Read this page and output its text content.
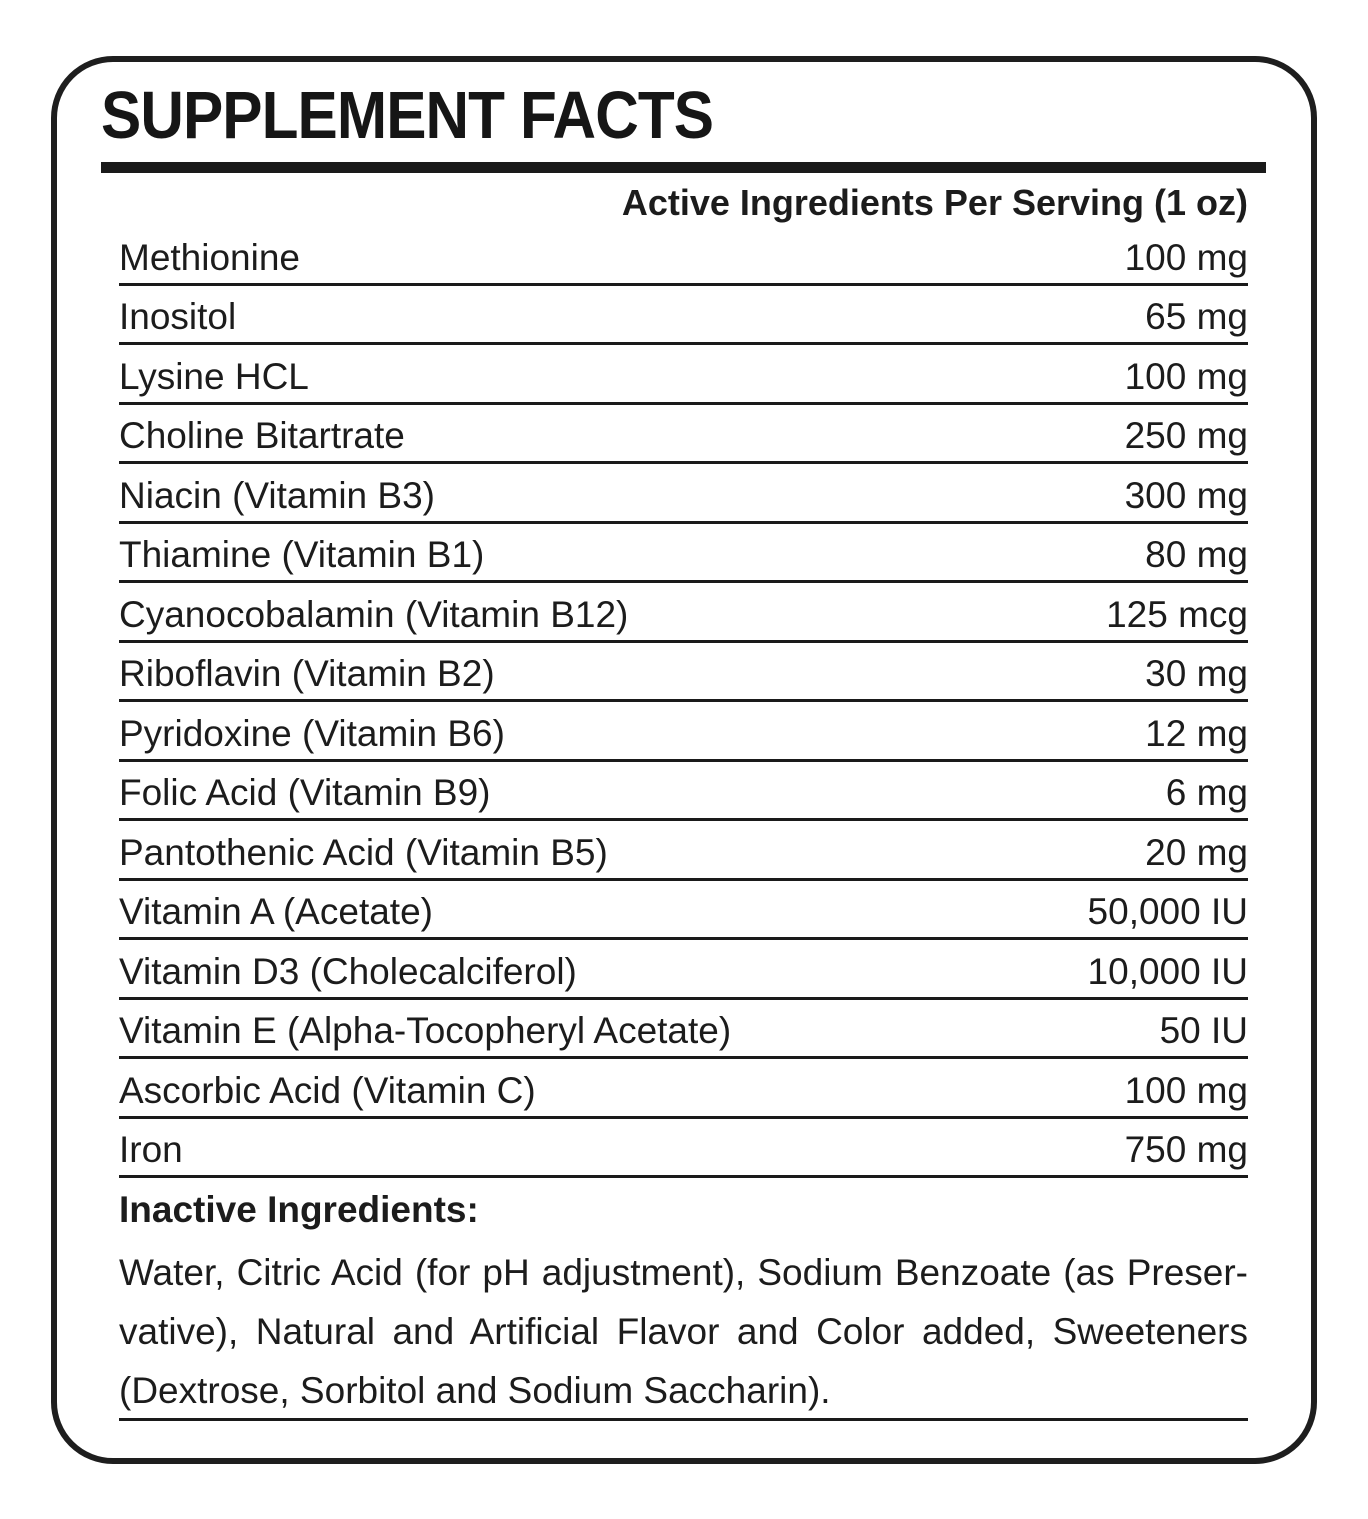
SUPPLEMENT FACTS
Active Ingredients Per Serving (1 oz)
Methionine	100 mg
Inositol	65 mg
Lysine HCL	100 mg
Choline Bitartrate	250 mg
Niacin (Vitamin B3)	300 mg
Thiamine (Vitamin B1)	80 mg
Cyanocobalamin (Vitamin B12)	125 mcg
Riboflavin (Vitamin B2)	30 mg
Pyridoxine (Vitamin B6)	12 mg
Folic Acid (Vitamin B9)	6 mg
Pantothenic Acid (Vitamin B5)	20 mg
Vitamin A (Acetate)	50,000 IU
Vitamin D3 (Cholecalciferol)	10,000 IU
Vitamin E (Alpha-Tocopheryl Acetate)	50 IU
Ascorbic Acid (Vitamin C)	100 mg
Iron	750 mg
Inactive Ingredients:
Water, Citric Acid (for pH adjustment), Sodium Benzoate (as Preser-vative), Natural and Artificial Flavor and Color added, Sweeteners (Dextrose, Sorbitol and Sodium Saccharin).
